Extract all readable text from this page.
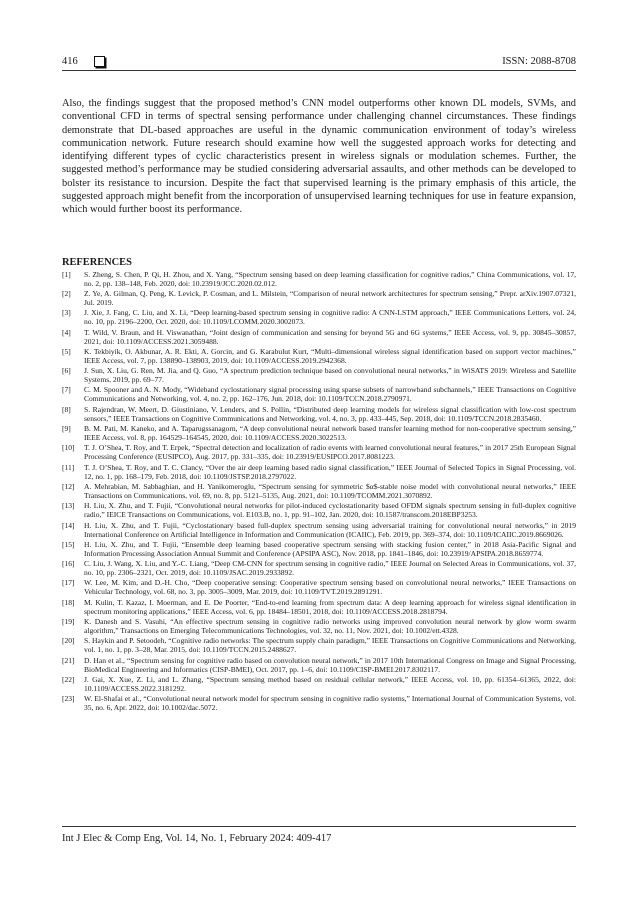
416	ISSN: 2088-8708

Also, the findings suggest that the proposed method’s CNN model outperforms other known DL models, SVMs, and conventional CFD in terms of spectral sensing performance under challenging channel circumstances. These findings demonstrate that DL-based approaches are useful in the dynamic communication environment of today’s wireless communication network. Future research should examine how well the suggested approach works for detecting and identifying different types of cyclic characteristics present in wireless signals or modulation schemes. Further, the suggested method’s performance may be studied considering adversarial assaults, and other methods can be developed to bolster its resistance to incursion. Despite the fact that supervised learning is the primary emphasis of this article, the suggested approach might benefit from the incorporation of unsupervised learning techniques for use in feature expansion, which would further boost its performance.

REFERENCES
[1]	S. Zheng, S. Chen, P. Qi, H. Zhou, and X. Yang, “Spectrum sensing based on deep learning classification for cognitive radios,” China Communications, vol. 17, no. 2, pp. 138–148, Feb. 2020, doi: 10.23919/JCC.2020.02.012.
[2]	Z. Ye, A. Gilman, Q. Peng, K. Levick, P. Cosman, and L. Milstein, “Comparison of neural network architectures for spectrum sensing,” Prepr. arXiv.1907.07321, Jul. 2019.
[3]	J. Xie, J. Fang, C. Liu, and X. Li, “Deep learning-based spectrum sensing in cognitive radio: A CNN-LSTM approach,” IEEE Communications Letters, vol. 24, no. 10, pp. 2196–2200, Oct. 2020, doi: 10.1109/LCOMM.2020.3002073.
[4]	T. Wild, V. Braun, and H. Viswanathan, “Joint design of communication and sensing for beyond 5G and 6G systems,” IEEE Access, vol. 9, pp. 30845–30857, 2021, doi: 10.1109/ACCESS.2021.3059488.
[5]	K. Tekbiyik, O. Akbunar, A. R. Ekti, A. Gorcin, and G. Karabulut Kurt, “Multi–dimensional wireless signal identification based on support vector machines,” IEEE Access, vol. 7, pp. 138890–138903, 2019, doi: 10.1109/ACCESS.2019.2942368.
[6]	J. Sun, X. Liu, G. Ren, M. Jia, and Q. Guo, “A spectrum prediction technique based on convolutional neural networks,” in WiSATS 2019: Wireless and Satellite Systems, 2019, pp. 69–77.
[7]	C. M. Spooner and A. N. Mody, “Wideband cyclostationary signal processing using sparse subsets of narrowband subchannels,” IEEE Transactions on Cognitive Communications and Networking, vol. 4, no. 2, pp. 162–176, Jun. 2018, doi: 10.1109/TCCN.2018.2790971.
[8]	S. Rajendran, W. Meert, D. Giustiniano, V. Lenders, and S. Pollin, “Distributed deep learning models for wireless signal classification with low-cost spectrum sensors,” IEEE Transactions on Cognitive Communications and Networking, vol. 4, no. 3, pp. 433–445, Sep. 2018, doi: 10.1109/TCCN.2018.2835460.
[9]	B. M. Pati, M. Kaneko, and A. Taparugssanagorn, “A deep convolutional neural network based transfer learning method for non-cooperative spectrum sensing,” IEEE Access, vol. 8, pp. 164529–164545, 2020, doi: 10.1109/ACCESS.2020.3022513.
[10]	T. J. O’Shea, T. Roy, and T. Erpek, “Spectral detection and localization of radio events with learned convolutional neural features,” in 2017 25th European Signal Processing Conference (EUSIPCO), Aug. 2017, pp. 331–335, doi: 10.23919/EUSIPCO.2017.8081223.
[11]	T. J. O’Shea, T. Roy, and T. C. Clancy, “Over the air deep learning based radio signal classification,” IEEE Journal of Selected Topics in Signal Processing, vol. 12, no. 1, pp. 168–179, Feb. 2018, doi: 10.1109/JSTSP.2018.2797022.
[12]	A. Mehrabian, M. Sabbaghian, and H. Yanikomeroglu, “Spectrum sensing for symmetric $α$-stable noise model with convolutional neural networks,” IEEE Transactions on Communications, vol. 69, no. 8, pp. 5121–5135, Aug. 2021, doi: 10.1109/TCOMM.2021.3070892.
[13]	H. Liu, X. Zhu, and T. Fujii, “Convolutional neural networks for pilot-induced cyclostationarity based OFDM signals spectrum sensing in full-duplex cognitive radio,” IEICE Transactions on Communications, vol. E103.B, no. 1, pp. 91–102, Jan. 2020, doi: 10.1587/transcom.2018EBP3253.
[14]	H. Liu, X. Zhu, and T. Fujii, “Cyclostationary based full-duplex spectrum sensing using adversarial training for convolutional neural networks,” in 2019 International Conference on Artificial Intelligence in Information and Communication (ICAIIC), Feb. 2019, pp. 369–374, doi: 10.1109/ICAIIC.2019.8669026.
[15]	H. Liu, X. Zhu, and T. Fujii, “Ensemble deep learning based cooperative spectrum sensing with stacking fusion center,” in 2018 Asia-Pacific Signal and Information Processing Association Annual Summit and Conference (APSIPA ASC), Nov. 2018, pp. 1841–1846, doi: 10.23919/APSIPA.2018.8659774.
[16]	C. Liu, J. Wang, X. Liu, and Y.-C. Liang, “Deep CM-CNN for spectrum sensing in cognitive radio,” IEEE Journal on Selected Areas in Communications, vol. 37, no. 10, pp. 2306–2321, Oct. 2019, doi: 10.1109/JSAC.2019.2933892.
[17]	W. Lee, M. Kim, and D.-H. Cho, “Deep cooperative sensing: Cooperative spectrum sensing based on convolutional neural networks,” IEEE Transactions on Vehicular Technology, vol. 68, no. 3, pp. 3005–3009, Mar. 2019, doi: 10.1109/TVT.2019.2891291.
[18]	M. Kulin, T. Kazaz, I. Moerman, and E. De Poorter, “End-to-end learning from spectrum data: A deep learning approach for wireless signal identification in spectrum monitoring applications,” IEEE Access, vol. 6, pp. 18484–18501, 2018, doi: 10.1109/ACCESS.2018.2818794.
[19]	K. Danesh and S. Vasuhi, “An effective spectrum sensing in cognitive radio networks using improved convolution neural network by glow worm swarm algorithm,” Transactions on Emerging Telecommunications Technologies, vol. 32, no. 11, Nov. 2021, doi: 10.1002/ett.4328.
[20]	S. Haykin and P. Setoodeh, “Cognitive radio networks: The spectrum supply chain paradigm,” IEEE Transactions on Cognitive Communications and Networking, vol. 1, no. 1, pp. 3–28, Mar. 2015, doi: 10.1109/TCCN.2015.2488627.
[21]	D. Han et al., “Spectrum sensing for cognitive radio based on convolution neural network,” in 2017 10th International Congress on Image and Signal Processing, BioMedical Engineering and Informatics (CISP-BMEI), Oct. 2017, pp. 1–6, doi: 10.1109/CISP-BMEI.2017.8302117.
[22]	J. Gai, X. Xue, Z. Li, and L. Zhang, “Spectrum sensing method based on residual cellular network,” IEEE Access, vol. 10, pp. 61354–61365, 2022, doi: 10.1109/ACCESS.2022.3181292.
[23]	W. El-Shafai et al., “Convolutional neural network model for spectrum sensing in cognitive radio systems,” International Journal of Communication Systems, vol. 35, no. 6, Apr. 2022, doi: 10.1002/dac.5072.
Int J Elec & Comp Eng, Vol. 14, No. 1, February 2024: 409-417
